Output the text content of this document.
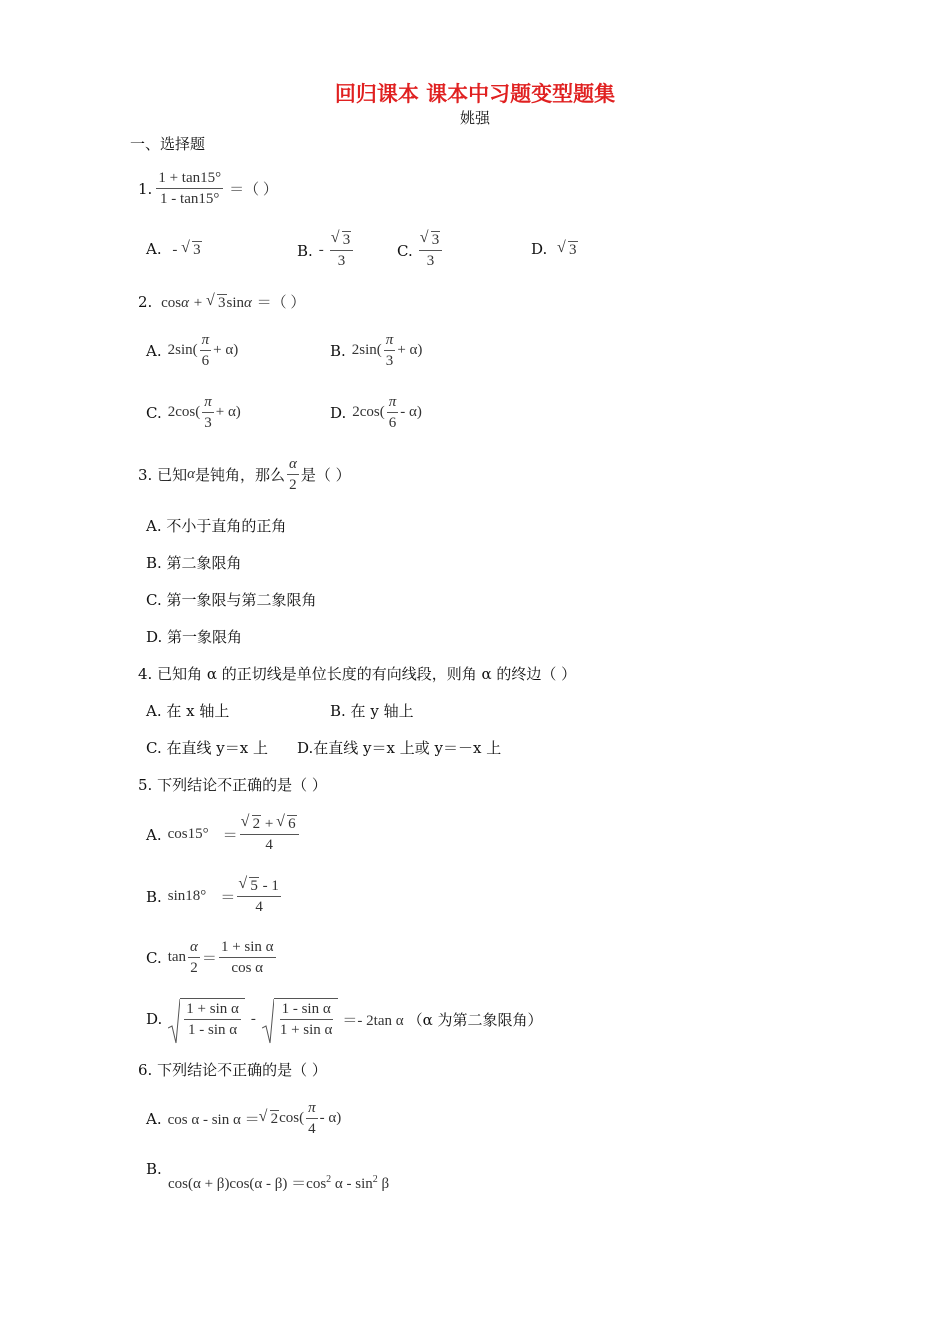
回归课本 课本中习题变型题集
姚强
一、选择题
1. $\frac{1 + \tan 15^\circ}{1 - \tan 15^\circ}$ ＝（ ）
A. - √ 3	B. - √ $\frac{3}{3}$	C. √ $\frac{3}{3}$	D. √ 3
2. cosα + √ 3sinα ＝（ ）
A. $2\sin( \frac{\pi}{6} + \alpha)$	B. $2\sin( \frac{\pi}{3} + \alpha)$
C. $2\cos( \frac{\pi}{3} + \alpha)$	D. $2\cos( \frac{\pi}{6} - \alpha)$
3. 已知 α 是钝角，那么 $\frac{\alpha}{2}$ 是（ ）
A. 不小于直角的正角
B. 第二象限角
C. 第一象限与第二象限角
D. 第一象限角
4. 已知角 α 的正切线是单位长度的有向线段，则角 α 的终边（ ）
A. 在 x 轴上	B. 在 y 轴上
C. 在直线 y＝x 上 D.在直线 y＝x 上或 y＝－x 上
5. 下列结论不正确的是（ ）
A. cos15° ＝ √ $\frac{2 + √ 6}{4}$
B. sin18° ＝ √ $\frac{5 - 1}{4}$
C. $\tan \frac{\alpha}{2} = \frac{\text{1 + sin α}}{\text{cos α}}$
D. $\frac{\text{1 + sin α}}{\text{1 - sin α}} - \frac{\text{1 - sin α}}{\text{1 + sin α}} =- 2\tan$ α （α 为第二象限角）
6. 下列结论不正确的是（ ）
A. cos α - sin α ＝ √ 2 $\cos( \frac{\pi}{4} - \alpha)$
B.
$\cos(\alpha + \beta)\cos(\alpha - \beta) =\cos^2$ α - $\sin^2 \beta$
